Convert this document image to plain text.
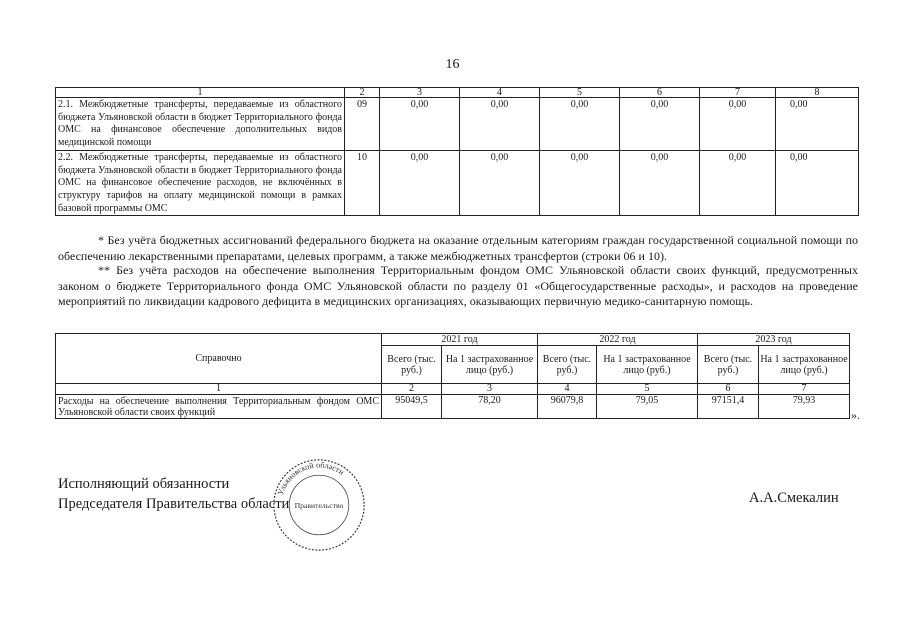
16
1	2	3	4	5	6	7	8
2.1. Межбюджетные трансферты, передаваемые из областного бюджета Ульяновской области в бюджет Территориального фонда ОМС на финансовое обеспечение дополнительных видов медицинской помощи	09	0,00	0,00	0,00	0,00	0,00	0,00
2.2. Межбюджетные трансферты, передаваемые из областного бюджета Ульяновской области в бюджет Территориального фонда ОМС на финансовое обеспечение расходов, не включённых в структуру тарифов на оплату медицинской помощи в рамках базовой программы ОМС	10	0,00	0,00	0,00	0,00	0,00	0,00
* Без учёта бюджетных ассигнований федерального бюджета на оказание отдельным категориям граждан государственной социальной помощи по обеспечению лекарственными препаратами, целевых программ, а также межбюджетных трансфертов (строки 06 и 10).
** Без учёта расходов на обеспечение выполнения Территориальным фондом ОМС Ульяновской области своих функций, предусмотренных законом о бюджете Территориального фонда ОМС Ульяновской области по разделу 01 «Общегосударственные расходы», и расходов на проведение мероприятий по ликвидации кадрового дефицита в медицинских организациях, оказывающих первичную медико-санитарную помощь.
Справочно	2021 год		2022 год		2023 год	
	Всего (тыс. руб.)	На 1 застрахованное лицо (руб.)	Всего (тыс. руб.)	На 1 застрахованное лицо (руб.)	Всего (тыс. руб.)	На 1 застрахованное лицо (руб.)
1	2	3	4	5	6	7
Расходы на обеспечение выполнения Территориальным фондом ОМС Ульяновской области своих функций	95049,5	78,20	96079,8	79,05	97151,4	79,93
».
Ульяновской области
Правительство
Исполняющий обязанности
Председателя Правительства области	А.А.Смекалин
